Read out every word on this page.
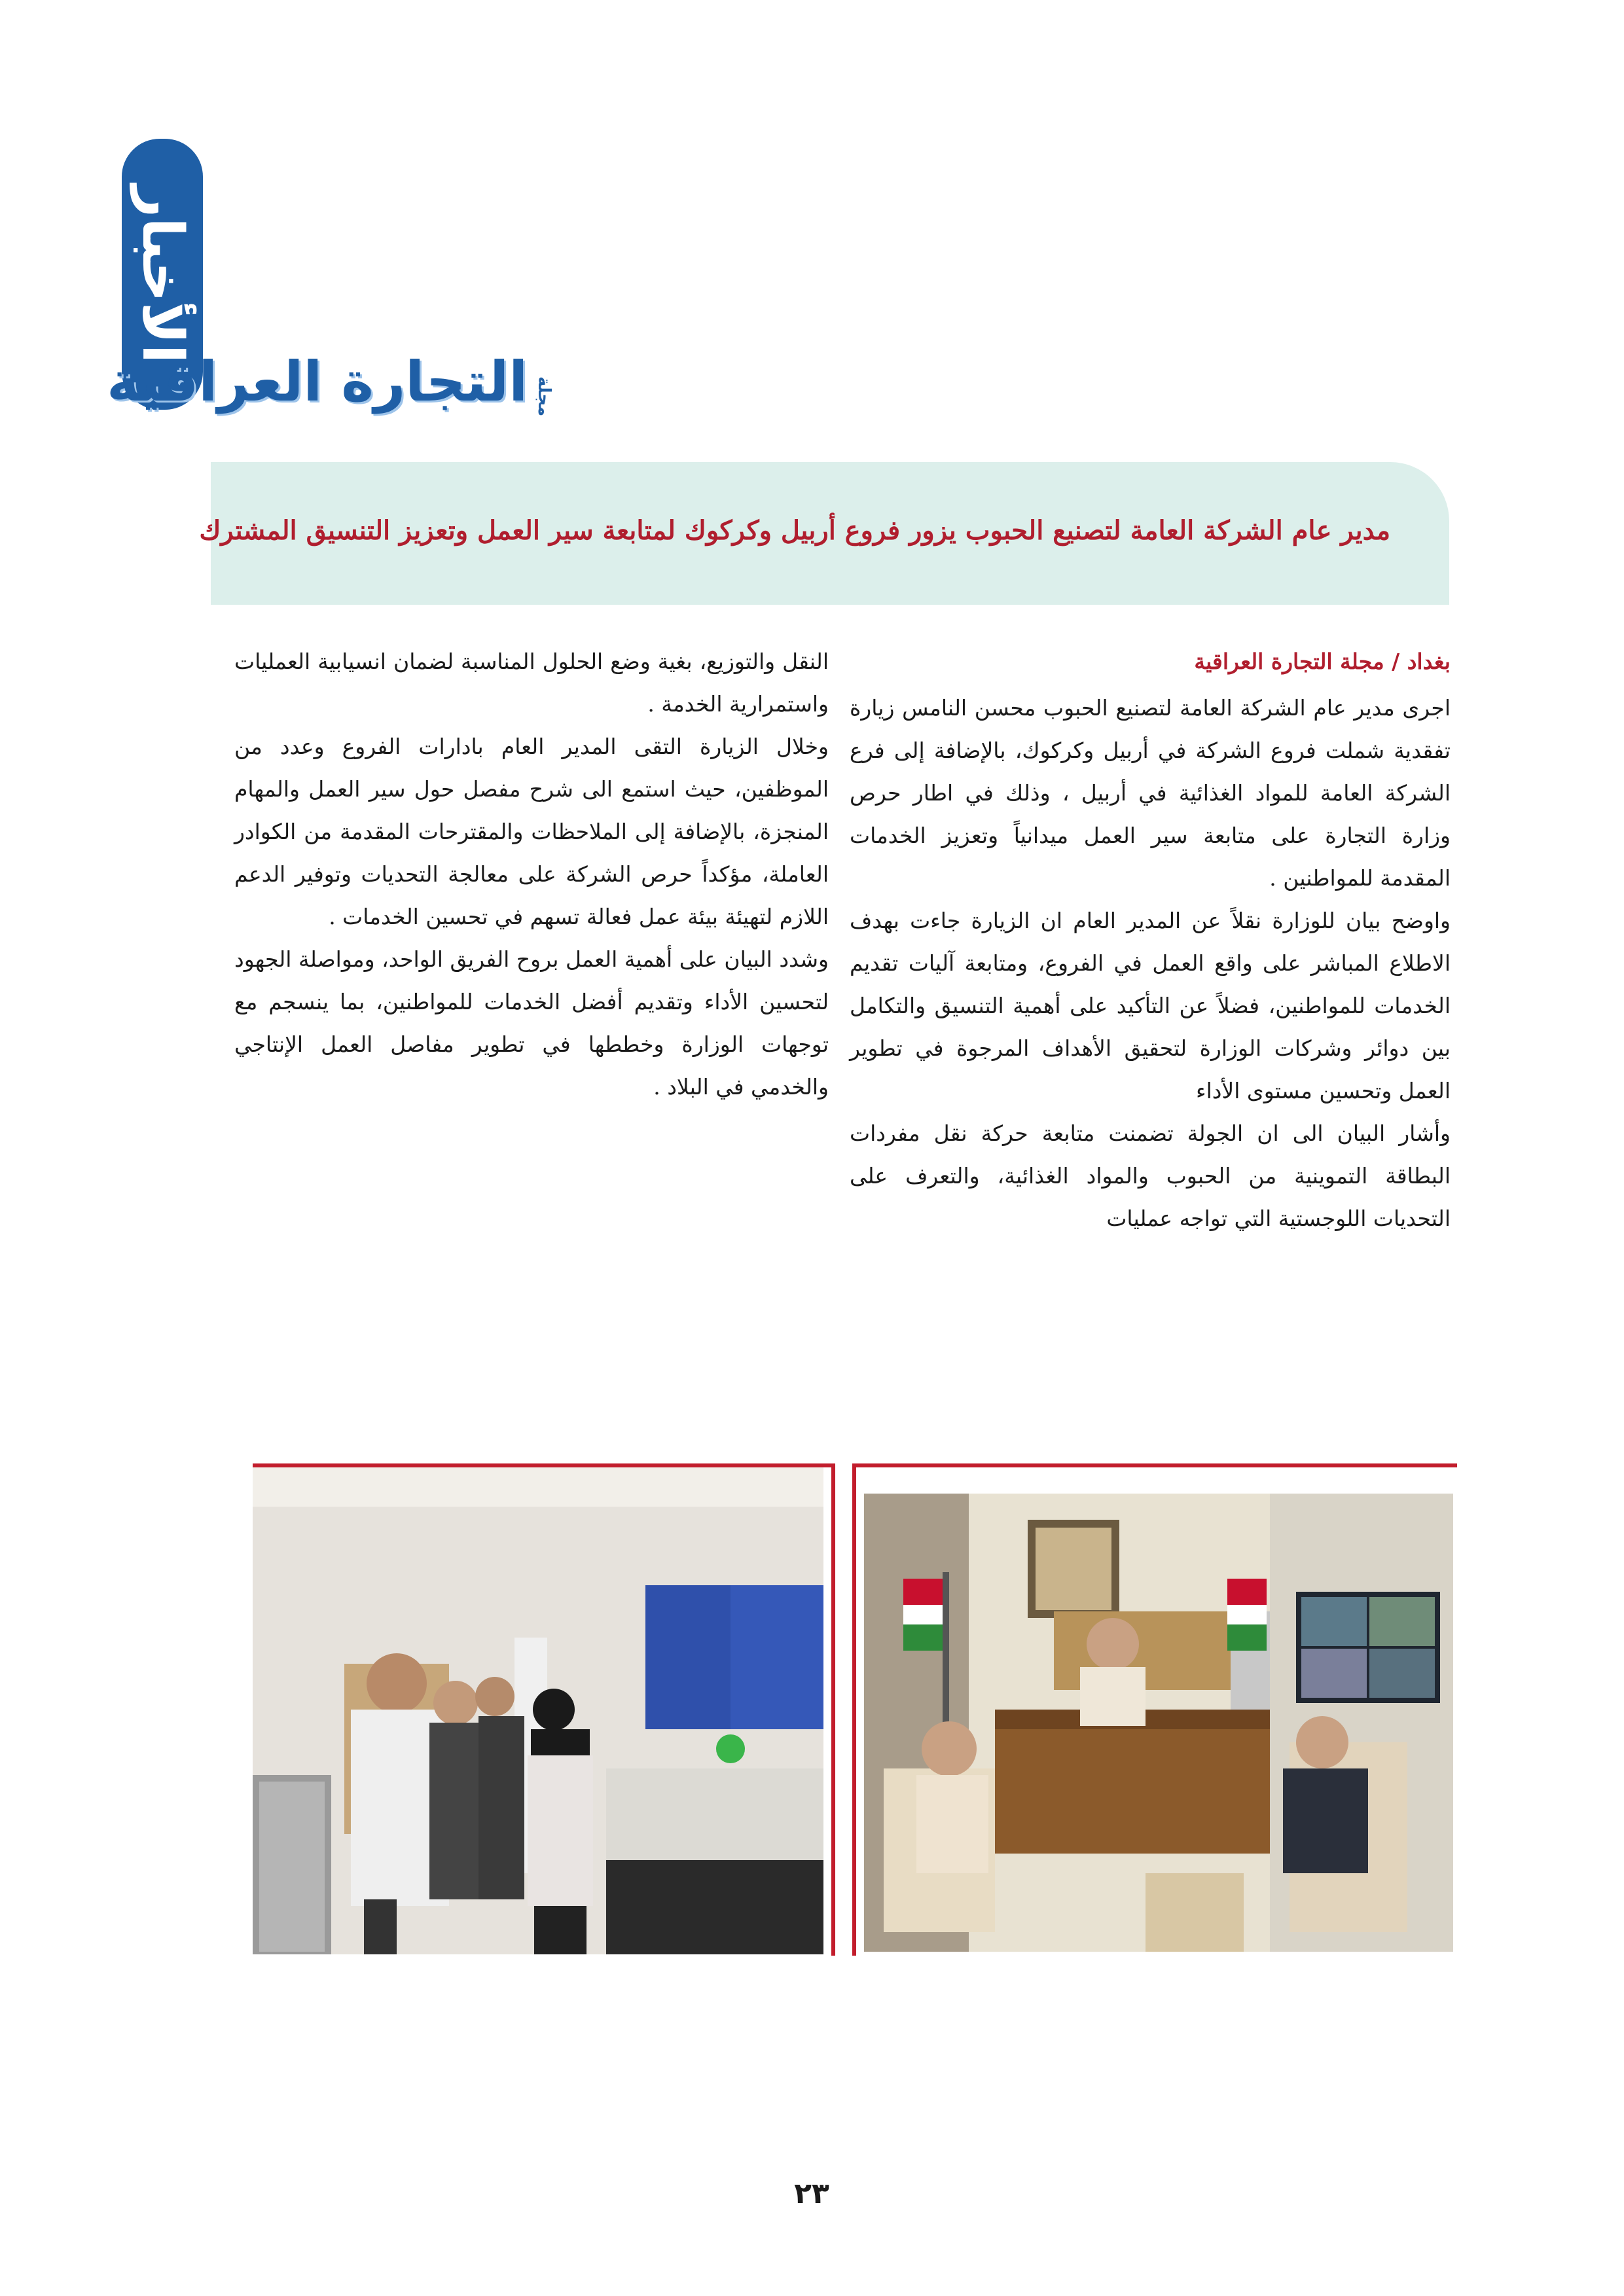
الأخبار
مجلة
التجارة العراقية
مدير عام الشركة العامة لتصنيع الحبوب يزور فروع أربيل وكركوك لمتابعة سير العمل وتعزيز التنسيق المشترك
بغداد / مجلة التجارة العراقية
اجرى مدير عام الشركة العامة لتصنيع الحبوب محسن النامس زيارة تفقدية شملت فروع الشركة في أربيل وكركوك، بالإضافة إلى فرع الشركة العامة للمواد الغذائية في أربيل ، وذلك في اطار حرص وزارة التجارة على متابعة سير العمل ميدانياً وتعزيز الخدمات المقدمة للمواطنين .
واوضح بيان للوزارة نقلاً عن المدير العام ان الزيارة جاءت بهدف الاطلاع المباشر على واقع العمل في الفروع، ومتابعة آليات تقديم الخدمات للمواطنين، فضلاً عن التأكيد على أهمية التنسيق والتكامل بين دوائر وشركات الوزارة لتحقيق الأهداف المرجوة في تطوير العمل وتحسين مستوى الأداء
وأشار البيان الى ان الجولة تضمنت متابعة حركة نقل مفردات البطاقة التموينية من الحبوب والمواد الغذائية، والتعرف على التحديات اللوجستية التي تواجه عمليات
النقل والتوزيع، بغية وضع الحلول المناسبة لضمان انسيابية العمليات واستمرارية الخدمة .
وخلال الزيارة التقى المدير العام بادارات الفروع وعدد من الموظفين، حيث استمع الى شرح مفصل حول سير العمل والمهام المنجزة، بالإضافة إلى الملاحظات والمقترحات المقدمة من الكوادر العاملة، مؤكداً حرص الشركة على معالجة التحديات وتوفير الدعم اللازم لتهيئة بيئة عمل فعالة تسهم في تحسين الخدمات .
وشدد البيان على أهمية العمل بروح الفريق الواحد، ومواصلة الجهود لتحسين الأداء وتقديم أفضل الخدمات للمواطنين، بما ينسجم مع توجهات الوزارة وخططها في تطوير مفاصل العمل الإنتاجي والخدمي في البلاد .
٢٣
